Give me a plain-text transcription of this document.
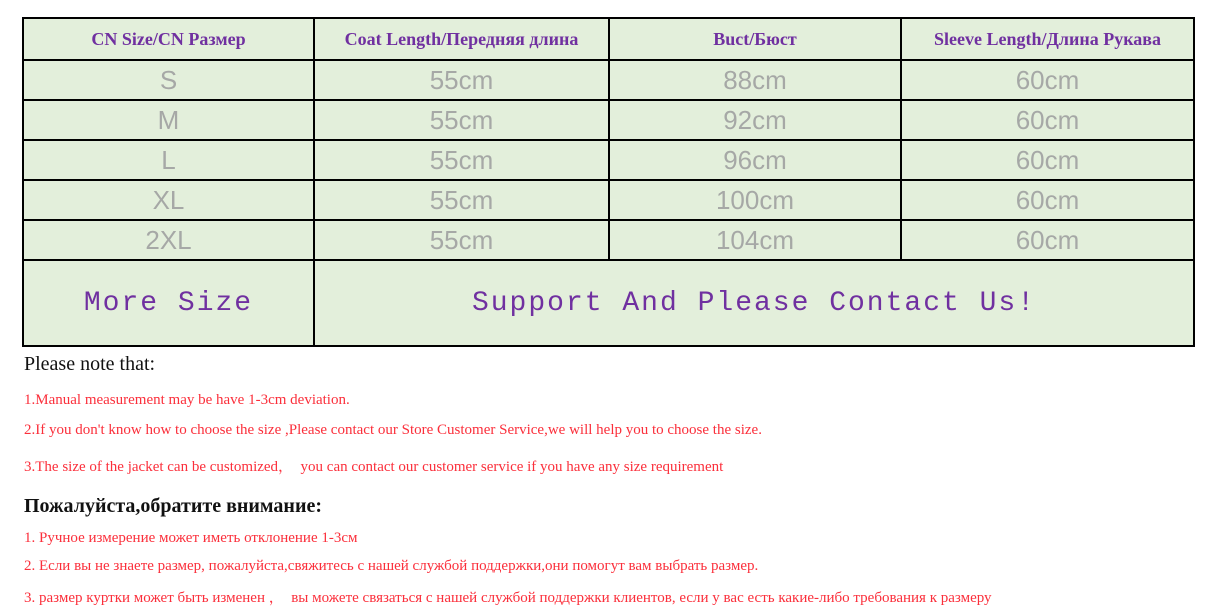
CN Size/CN Размер	Coat Length/Передняя длина	Buct/Бюст	Sleeve Length/Длина Рукава
S	55cm	88cm	60cm
M	55cm	92cm	60cm
L	55cm	96cm	60cm
XL	55cm	100cm	60cm
2XL	55cm	104cm	60cm
More Size	Support And Please Contact Us!		
Please note that:

1.Manual measurement may be have 1-3cm deviation.

2.If you don't know how to choose the size ,Please contact our Store Customer Service,we will help you to choose the size.

3.The size of the jacket can be customized，  you can contact our customer service if you have any size requirement

Пожалуйста,обратите внимание:

1. Ручное измерение может иметь отклонение 1-3см

2. Если вы не знаете размер, пожалуйста,свяжитесь с нашей службой поддержки,они помогут вам выбрать размер.

3. размер куртки может быть изменен ，  вы можете связаться с нашей службой поддержки клиентов, если у вас есть какие-либо требования к размеру
